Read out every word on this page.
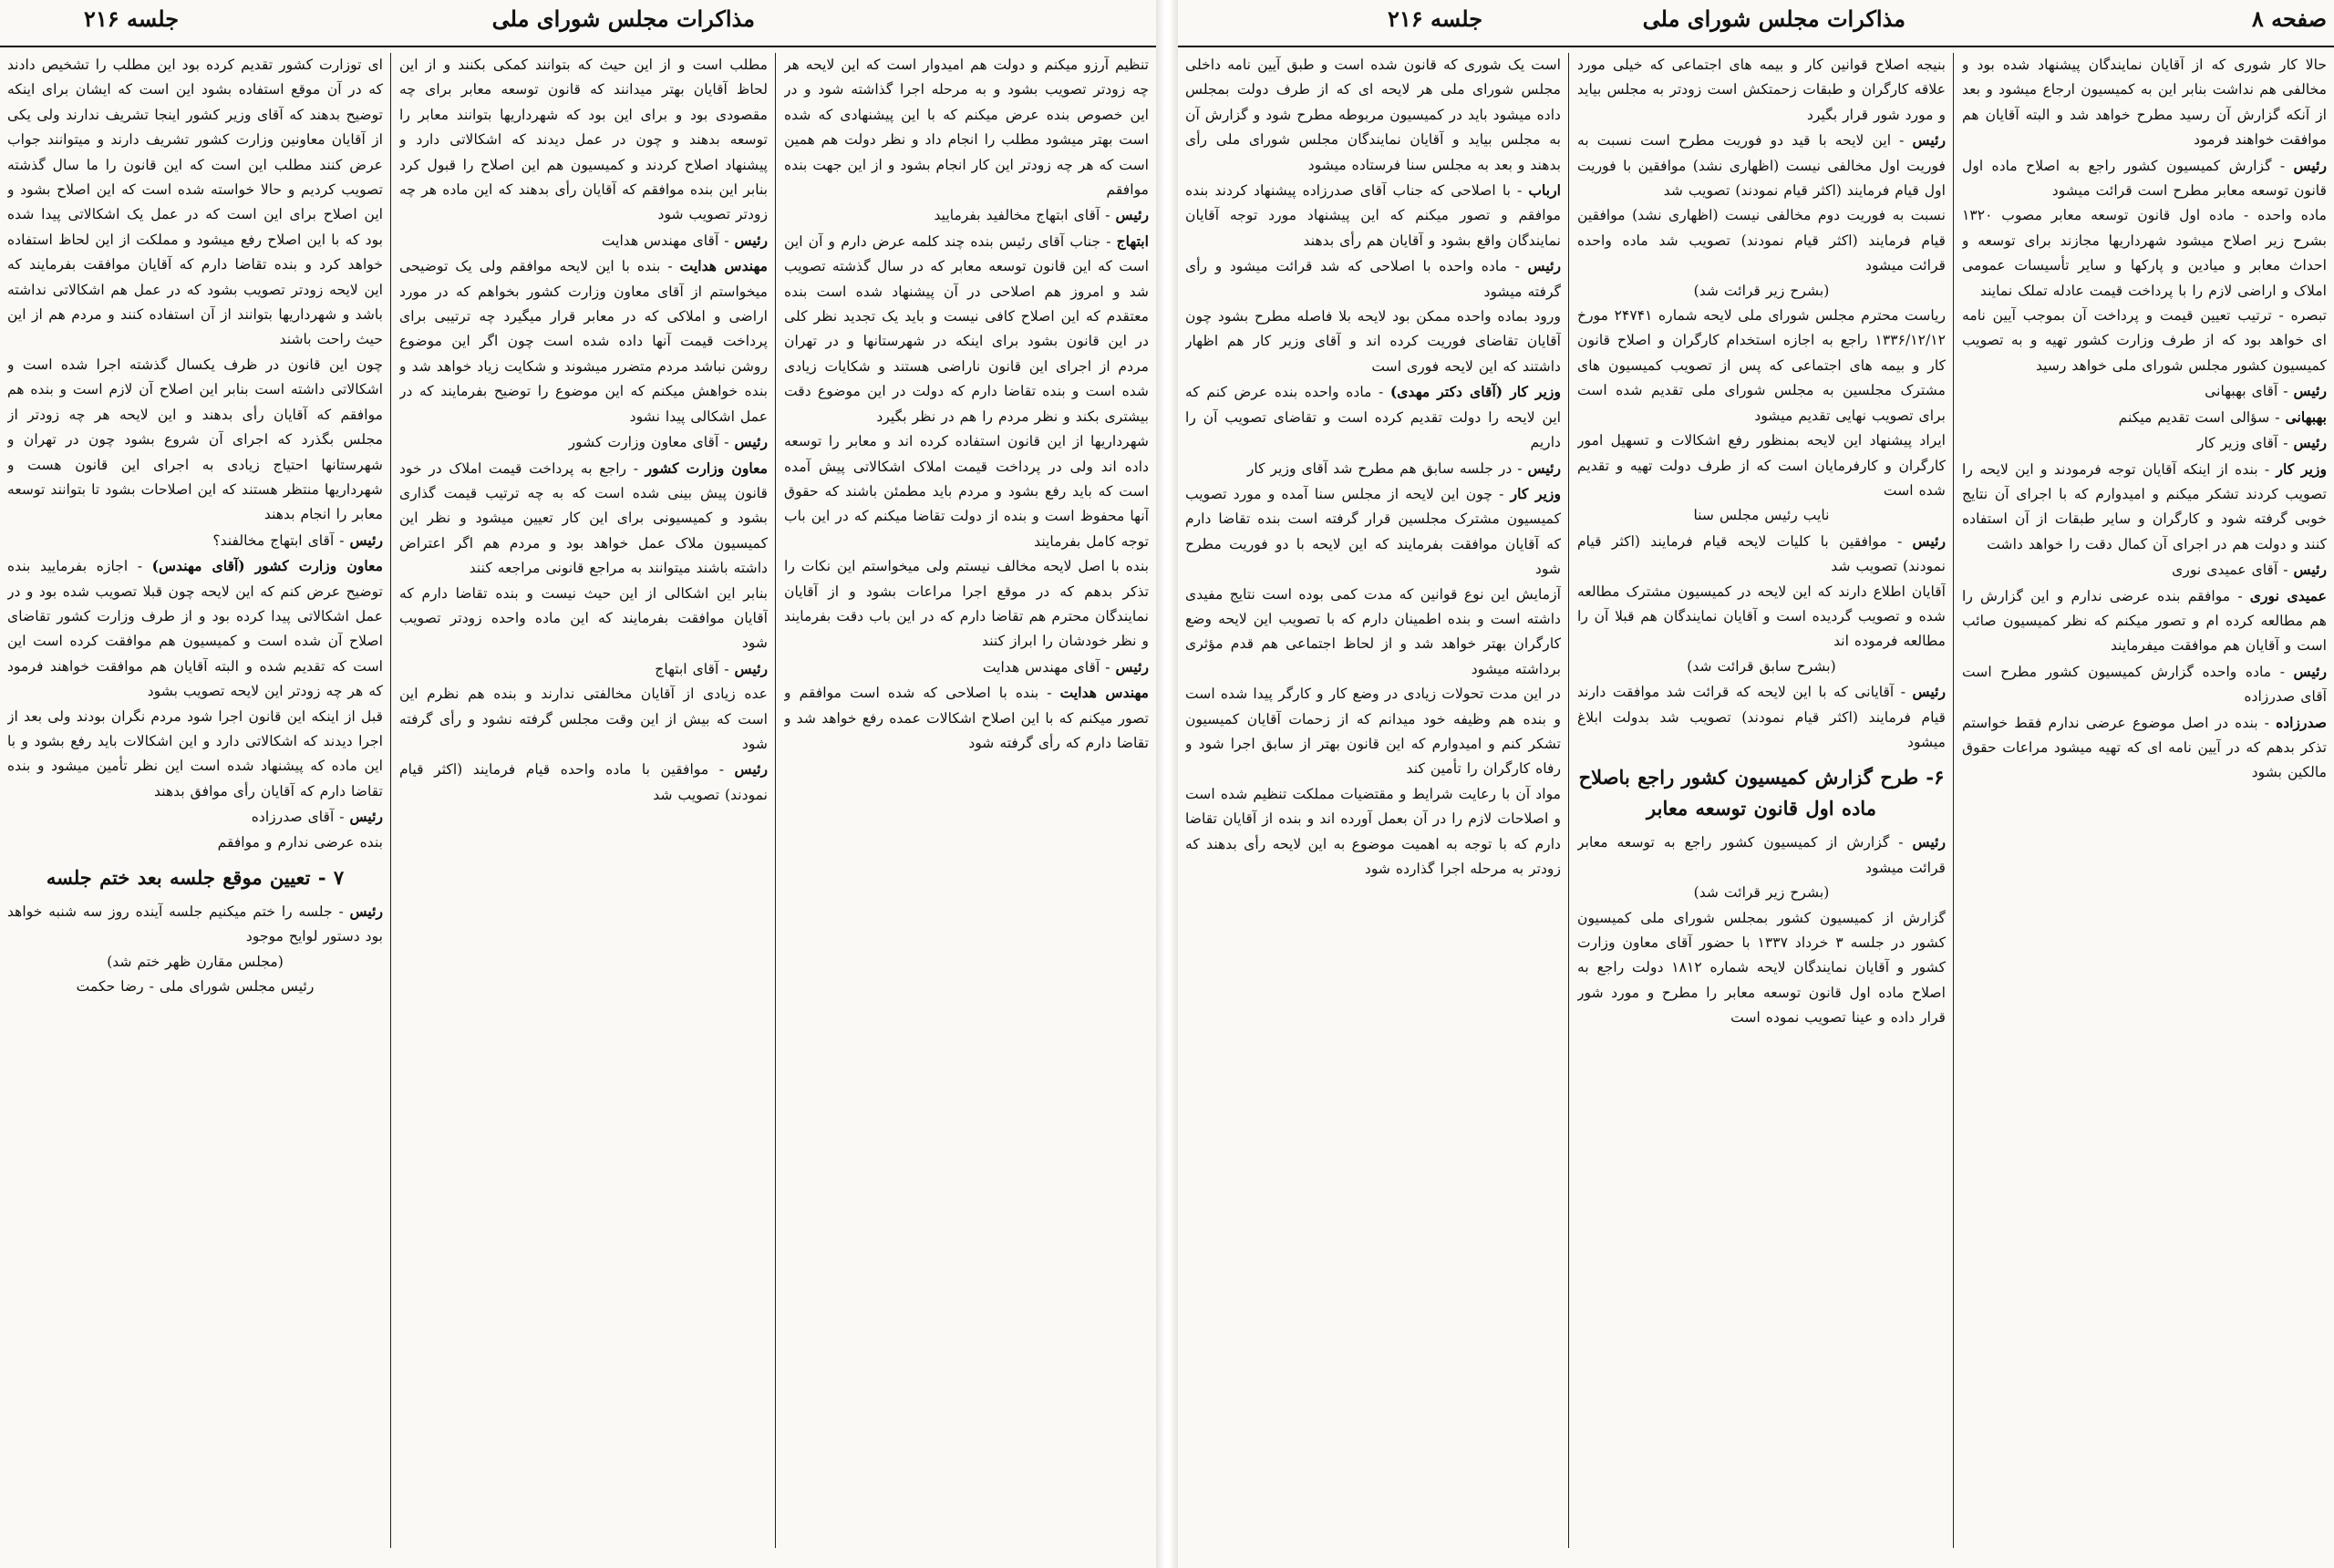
صفحه ۸
مذاکرات مجلس شورای ملی
جلسه ۲۱۶

حالا کار شوری که از آقایان نمایندگان پیشنهاد شده بود و مخالفی هم نداشت بنابر این به کمیسیون ارجاع میشود و بعد از آنکه گزارش آن رسید مطرح خواهد شد و البته آقایان هم موافقت خواهند فرمود

رئیس - گزارش کمیسیون کشور راجع به اصلاح ماده اول قانون توسعه معابر مطرح است قرائت میشود

ماده واحده - ماده اول قانون توسعه معابر مصوب ۱۳۲۰ بشرح زیر اصلاح میشود شهرداریها مجازند برای توسعه و احداث معابر و میادین و پارکها و سایر تأسیسات عمومی املاک و اراضی لازم را با پرداخت قیمت عادله تملک نمایند

تبصره - ترتیب تعیین قیمت و پرداخت آن بموجب آیین نامه ای خواهد بود که از طرف وزارت کشور تهیه و به تصویب کمیسیون کشور مجلس شورای ملی خواهد رسید

رئیس - آقای بهبهانی

بهبهانی - سؤالی است تقدیم میکنم

رئیس - آقای وزیر کار

وزیر کار - بنده از اینکه آقایان توجه فرمودند و این لایحه را تصویب کردند تشکر میکنم و امیدوارم که با اجرای آن نتایج خوبی گرفته شود و کارگران و سایر طبقات از آن استفاده کنند و دولت هم در اجرای آن کمال دقت را خواهد داشت

رئیس - آقای عمیدی نوری

عمیدی نوری - موافقم بنده عرضی ندارم و این گزارش را هم مطالعه کرده ام و تصور میکنم که نظر کمیسیون صائب است و آقایان هم موافقت میفرمایند

رئیس - ماده واحده گزارش کمیسیون کشور مطرح است آقای صدرزاده

صدرزاده - بنده در اصل موضوع عرضی ندارم فقط خواستم تذکر بدهم که در آیین نامه ای که تهیه میشود مراعات حقوق مالکین بشود

بنیجه اصلاح قوانین کار و بیمه های اجتماعی که خیلی مورد علاقه کارگران و طبقات زحمتکش است زودتر به مجلس بیاید و مورد شور قرار بگیرد

رئیس - این لایحه با قید دو فوریت مطرح است نسبت به فوریت اول مخالفی نیست (اظهاری نشد) موافقین با فوریت اول قیام فرمایند (اکثر قیام نمودند) تصویب شد

نسبت به فوریت دوم مخالفی نیست (اظهاری نشد) موافقین قیام فرمایند (اکثر قیام نمودند) تصویب شد ماده واحده قرائت میشود

(بشرح زیر قرائت شد)

ریاست محترم مجلس شورای ملی لایحه شماره ۲۴۷۴۱ مورخ ۱۳۳۶/۱۲/۱۲ راجع به اجازه استخدام کارگران و اصلاح قانون کار و بیمه های اجتماعی که پس از تصویب کمیسیون های مشترک مجلسین به مجلس شورای ملی تقدیم شده است برای تصویب نهایی تقدیم میشود

ایراد پیشنهاد این لایحه بمنظور رفع اشکالات و تسهیل امور کارگران و کارفرمایان است که از طرف دولت تهیه و تقدیم شده است

نایب رئیس مجلس سنا

رئیس - موافقین با کلیات لایحه قیام فرمایند (اکثر قیام نمودند) تصویب شد

آقایان اطلاع دارند که این لایحه در کمیسیون مشترک مطالعه شده و تصویب گردیده است و آقایان نمایندگان هم قبلا آن را مطالعه فرموده اند

(بشرح سابق قرائت شد)

رئیس - آقایانی که با این لایحه که قرائت شد موافقت دارند قیام فرمایند (اکثر قیام نمودند) تصویب شد بدولت ابلاغ میشود

۶- طرح گزارش کمیسیون کشور راجع باصلاح ماده اول قانون توسعه معابر

رئیس - گزارش از کمیسیون کشور راجع به توسعه معابر قرائت میشود

(بشرح زیر قرائت شد)

گزارش از کمیسیون کشور بمجلس شورای ملی کمیسیون کشور در جلسه ۳ خرداد ۱۳۳۷ با حضور آقای معاون وزارت کشور و آقایان نمایندگان لایحه شماره ۱۸۱۲ دولت راجع به اصلاح ماده اول قانون توسعه معابر را مطرح و مورد شور قرار داده و عینا تصویب نموده است

است یک شوری که قانون شده است و طبق آیین نامه داخلی مجلس شورای ملی هر لایحه ای که از طرف دولت بمجلس داده میشود باید در کمیسیون مربوطه مطرح شود و گزارش آن به مجلس بیاید و آقایان نمایندگان مجلس شورای ملی رأی بدهند و بعد به مجلس سنا فرستاده میشود

ارباب - با اصلاحی که جناب آقای صدرزاده پیشنهاد کردند بنده موافقم و تصور میکنم که این پیشنهاد مورد توجه آقایان نمایندگان واقع بشود و آقایان هم رأی بدهند

رئیس - ماده واحده با اصلاحی که شد قرائت میشود و رأی گرفته میشود

ورود بماده واحده ممکن بود لایحه بلا فاصله مطرح بشود چون آقایان تقاضای فوریت کرده اند و آقای وزیر کار هم اظهار داشتند که این لایحه فوری است

وزیر کار (آقای دکتر مهدی) - ماده واحده بنده عرض کنم که این لایحه را دولت تقدیم کرده است و تقاضای تصویب آن را داریم

رئیس - در جلسه سابق هم مطرح شد آقای وزیر کار

وزیر کار - چون این لایحه از مجلس سنا آمده و مورد تصویب کمیسیون مشترک مجلسین قرار گرفته است بنده تقاضا دارم که آقایان موافقت بفرمایند که این لایحه با دو فوریت مطرح شود

آزمایش این نوع قوانین که مدت کمی بوده است نتایج مفیدی داشته است و بنده اطمینان دارم که با تصویب این لایحه وضع کارگران بهتر خواهد شد و از لحاظ اجتماعی هم قدم مؤثری برداشته میشود

در این مدت تحولات زیادی در وضع کار و کارگر پیدا شده است و بنده هم وظیفه خود میدانم که از زحمات آقایان کمیسیون تشکر کنم و امیدوارم که این قانون بهتر از سابق اجرا شود و رفاه کارگران را تأمین کند

مواد آن با رعایت شرایط و مقتضیات مملکت تنظیم شده است و اصلاحات لازم را در آن بعمل آورده اند و بنده از آقایان تقاضا دارم که با توجه به اهمیت موضوع به این لایحه رأی بدهند که زودتر به مرحله اجرا گذارده شود

مذاکرات مجلس شورای ملی
جلسه ۲۱۶

تنظیم آرزو میکنم و دولت هم امیدوار است که این لایحه هر چه زودتر تصویب بشود و به مرحله اجرا گذاشته شود و در این خصوص بنده عرض میکنم که با این پیشنهادی که شده است بهتر میشود مطلب را انجام داد و نظر دولت هم همین است که هر چه زودتر این کار انجام بشود و از این جهت بنده موافقم

رئیس - آقای ابتهاج مخالفید بفرمایید

ابتهاج - جناب آقای رئیس بنده چند کلمه عرض دارم و آن این است که این قانون توسعه معابر که در سال گذشته تصویب شد و امروز هم اصلاحی در آن پیشنهاد شده است بنده معتقدم که این اصلاح کافی نیست و باید یک تجدید نظر کلی در این قانون بشود برای اینکه در شهرستانها و در تهران مردم از اجرای این قانون ناراضی هستند و شکایات زیادی شده است و بنده تقاضا دارم که دولت در این موضوع دقت بیشتری بکند و نظر مردم را هم در نظر بگیرد

شهرداریها از این قانون استفاده کرده اند و معابر را توسعه داده اند ولی در پرداخت قیمت املاک اشکالاتی پیش آمده است که باید رفع بشود و مردم باید مطمئن باشند که حقوق آنها محفوظ است و بنده از دولت تقاضا میکنم که در این باب توجه کامل بفرمایند

بنده با اصل لایحه مخالف نیستم ولی میخواستم این نکات را تذکر بدهم که در موقع اجرا مراعات بشود و از آقایان نمایندگان محترم هم تقاضا دارم که در این باب دقت بفرمایند و نظر خودشان را ابراز کنند

رئیس - آقای مهندس هدایت

مهندس هدایت - بنده با اصلاحی که شده است موافقم و تصور میکنم که با این اصلاح اشکالات عمده رفع خواهد شد و تقاضا دارم که رأی گرفته شود

مطلب است و از این حیث که بتوانند کمکی بکنند و از این لحاظ آقایان بهتر میدانند که قانون توسعه معابر برای چه مقصودی بود و برای این بود که شهرداریها بتوانند معابر را توسعه بدهند و چون در عمل دیدند که اشکالاتی دارد و پیشنهاد اصلاح کردند و کمیسیون هم این اصلاح را قبول کرد بنابر این بنده موافقم که آقایان رأی بدهند که این ماده هر چه زودتر تصویب شود

رئیس - آقای مهندس هدایت

مهندس هدایت - بنده با این لایحه موافقم ولی یک توضیحی میخواستم از آقای معاون وزارت کشور بخواهم که در مورد اراضی و املاکی که در معابر قرار میگیرد چه ترتیبی برای پرداخت قیمت آنها داده شده است چون اگر این موضوع روشن نباشد مردم متضرر میشوند و شکایت زیاد خواهد شد و بنده خواهش میکنم که این موضوع را توضیح بفرمایند که در عمل اشکالی پیدا نشود

رئیس - آقای معاون وزارت کشور

معاون وزارت کشور - راجع به پرداخت قیمت املاک در خود قانون پیش بینی شده است که به چه ترتیب قیمت گذاری بشود و کمیسیونی برای این کار تعیین میشود و نظر این کمیسیون ملاک عمل خواهد بود و مردم هم اگر اعتراض داشته باشند میتوانند به مراجع قانونی مراجعه کنند

بنابر این اشکالی از این حیث نیست و بنده تقاضا دارم که آقایان موافقت بفرمایند که این ماده واحده زودتر تصویب شود

رئیس - آقای ابتهاج

عده زیادی از آقایان مخالفتی ندارند و بنده هم نظرم این است که بیش از این وقت مجلس گرفته نشود و رأی گرفته شود

رئیس - موافقین با ماده واحده قیام فرمایند (اکثر قیام نمودند) تصویب شد

ای توزارت کشور تقدیم کرده بود این مطلب را تشخیص دادند که در آن موقع استفاده بشود این است که ایشان برای اینکه توضیح بدهند که آقای وزیر کشور اینجا تشریف ندارند ولی یکی از آقایان معاونین وزارت کشور تشریف دارند و میتوانند جواب عرض کنند مطلب این است که این قانون را ما سال گذشته تصویب کردیم و حالا خواسته شده است که این اصلاح بشود و این اصلاح برای این است که در عمل یک اشکالاتی پیدا شده بود که با این اصلاح رفع میشود و مملکت از این لحاظ استفاده خواهد کرد و بنده تقاضا دارم که آقایان موافقت بفرمایند که این لایحه زودتر تصویب بشود که در عمل هم اشکالاتی نداشته باشد و شهرداریها بتوانند از آن استفاده کنند و مردم هم از این حیث راحت باشند

چون این قانون در ظرف یکسال گذشته اجرا شده است و اشکالاتی داشته است بنابر این اصلاح آن لازم است و بنده هم موافقم که آقایان رأی بدهند و این لایحه هر چه زودتر از مجلس بگذرد که اجرای آن شروع بشود چون در تهران و شهرستانها احتیاج زیادی به اجرای این قانون هست و شهرداریها منتظر هستند که این اصلاحات بشود تا بتوانند توسعه معابر را انجام بدهند

رئیس - آقای ابتهاج مخالفند؟

معاون وزارت کشور (آقای مهندس) - اجازه بفرمایید بنده توضیح عرض کنم که این لایحه چون قبلا تصویب شده بود و در عمل اشکالاتی پیدا کرده بود و از طرف وزارت کشور تقاضای اصلاح آن شده است و کمیسیون هم موافقت کرده است این است که تقدیم شده و البته آقایان هم موافقت خواهند فرمود که هر چه زودتر این لایحه تصویب بشود

قبل از اینکه این قانون اجرا شود مردم نگران بودند ولی بعد از اجرا دیدند که اشکالاتی دارد و این اشکالات باید رفع بشود و با این ماده که پیشنهاد شده است این نظر تأمین میشود و بنده تقاضا دارم که آقایان رأی موافق بدهند

رئیس - آقای صدرزاده

بنده عرضی ندارم و موافقم

۷ - تعیین موقع جلسه بعد ختم جلسه

رئیس - جلسه را ختم میکنیم جلسه آینده روز سه شنبه خواهد بود دستور لوایح موجود

(مجلس مقارن ظهر ختم شد)

رئیس مجلس شورای ملی - رضا حکمت
